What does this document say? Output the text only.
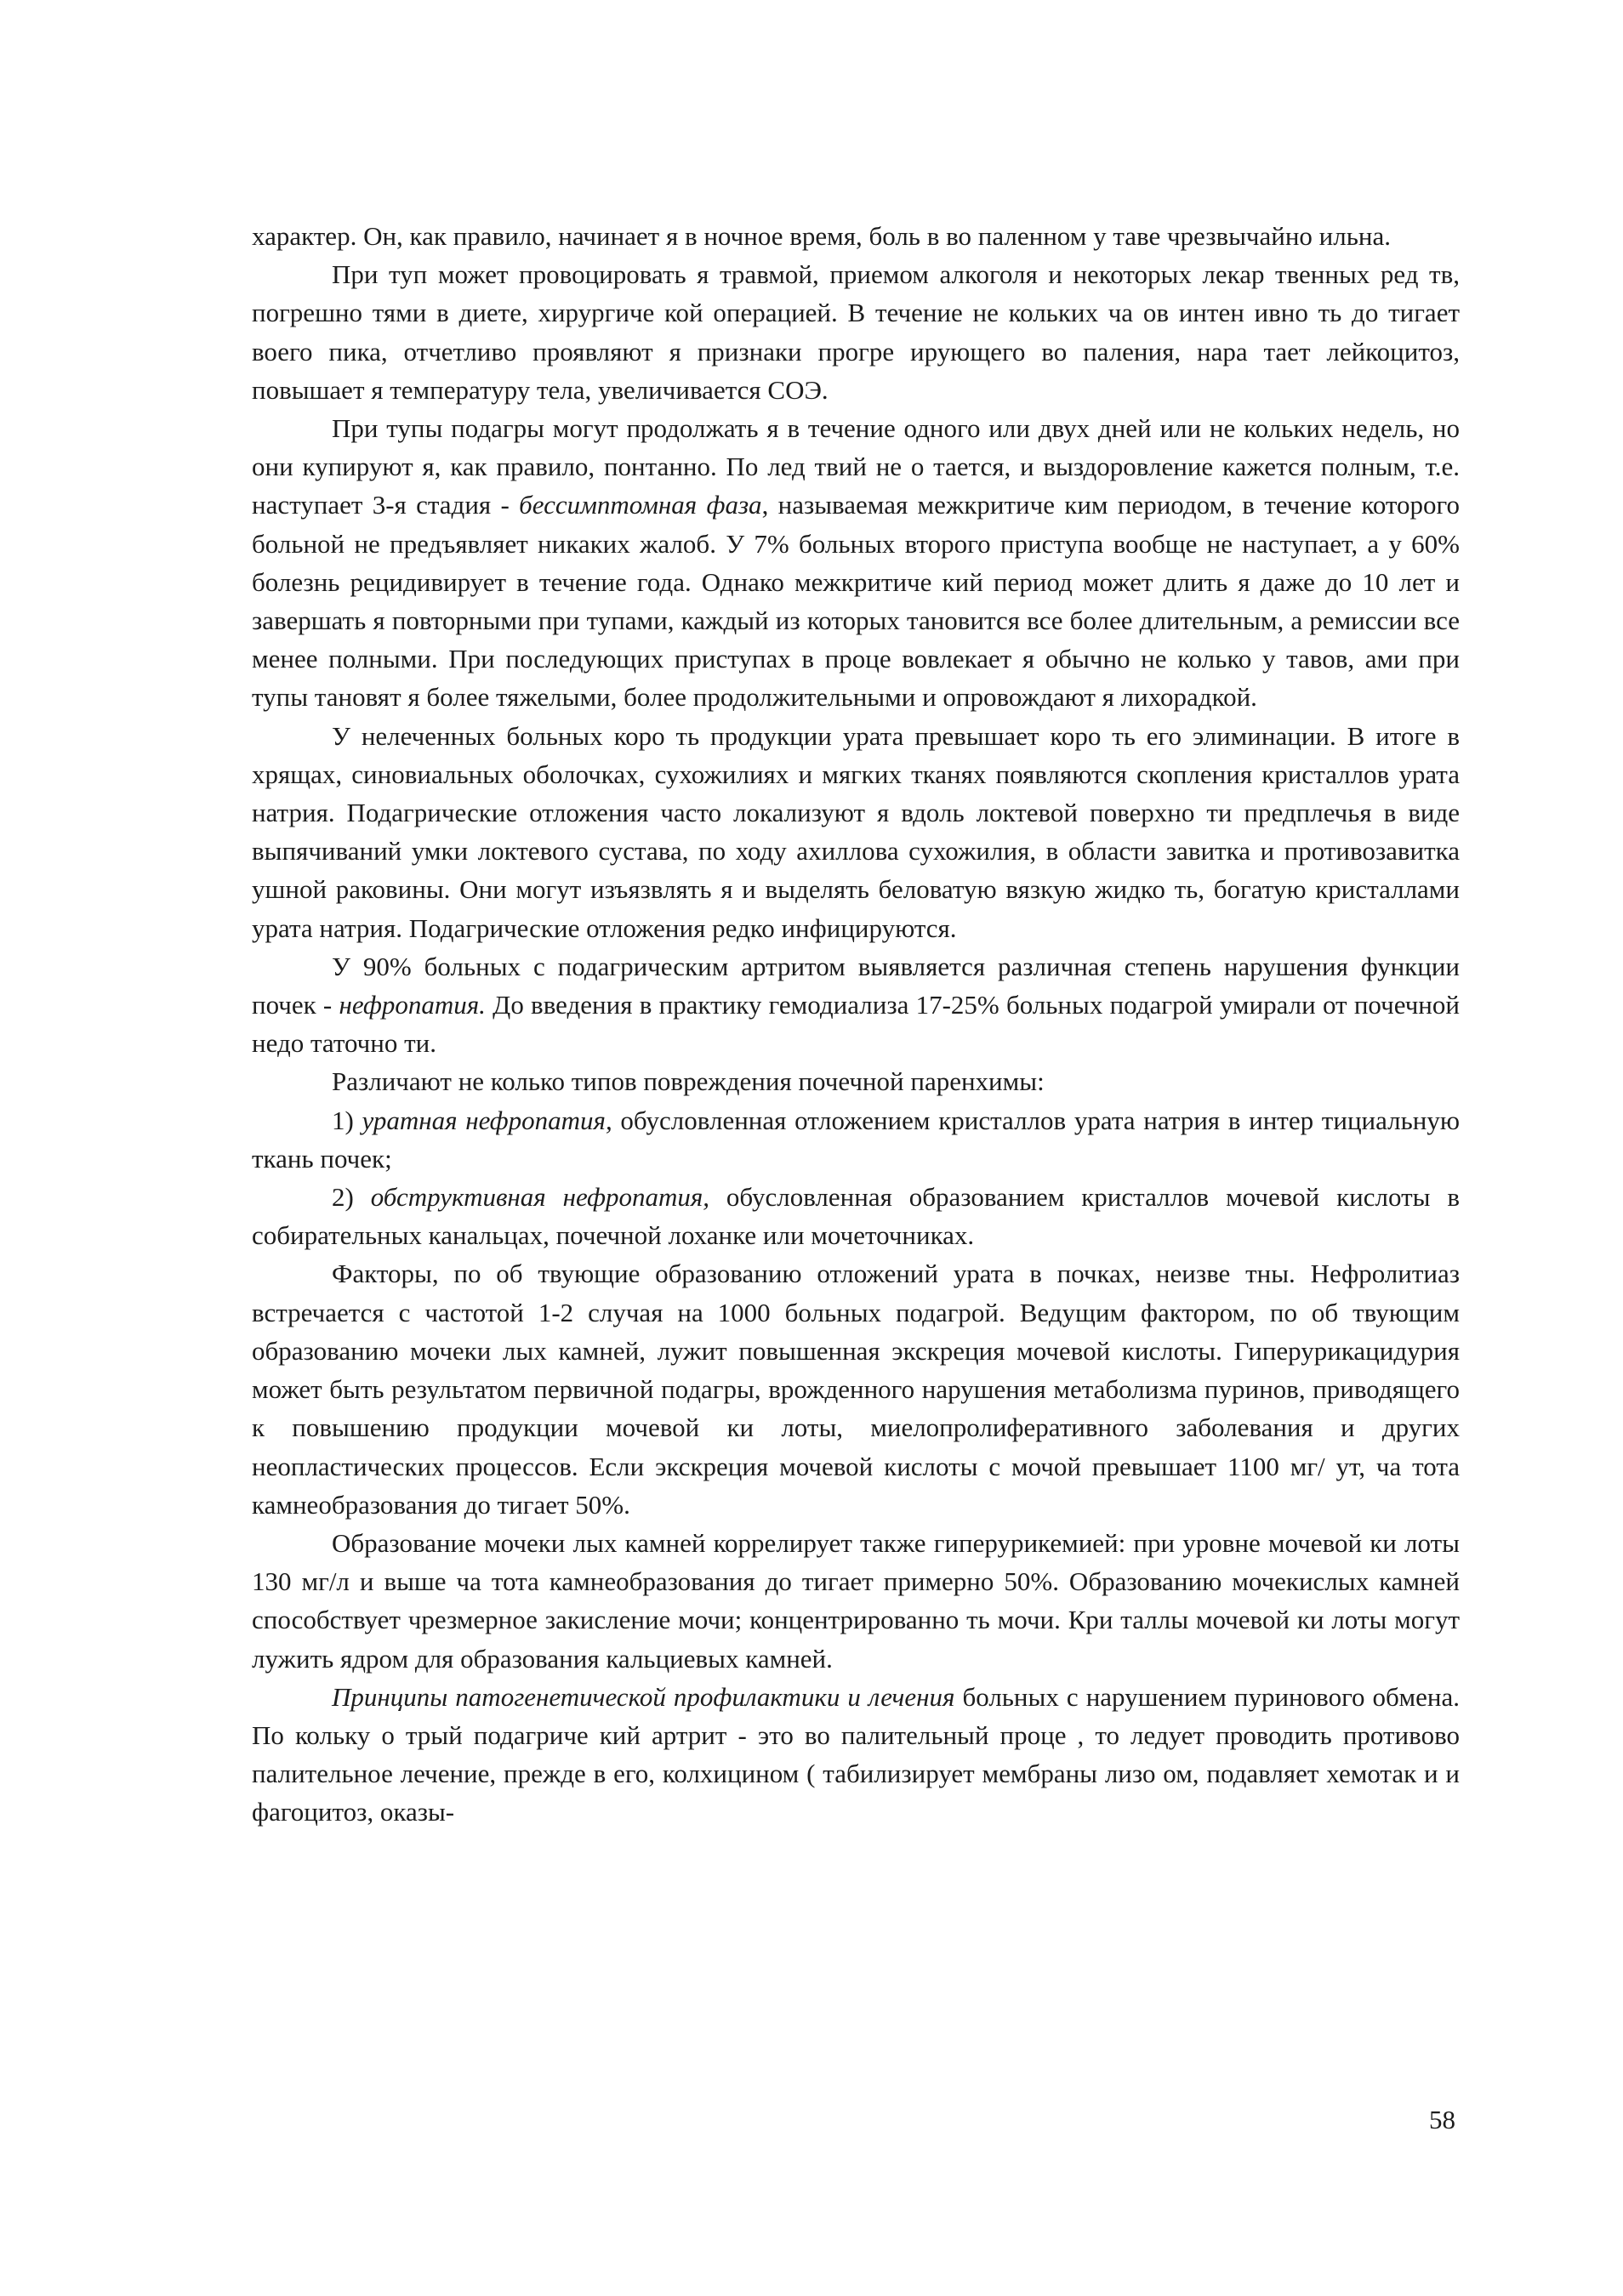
характер. Он, как правило, начинает я в ночное время, боль в во паленном у таве чрезвычайно ильна.

При туп может провоцировать я травмой, приемом алкоголя и некоторых лекар твенных ред тв, погрешно тями в диете, хирургиче кой операцией. В течение не кольких ча ов интен ивно ть до тигает воего пика, отчетливо проявляют я признаки прогре ирующего во паления, нара тает лейкоцитоз, повышает я температуру тела, увеличивается СОЭ.

При тупы подагры могут продолжать я в течение одного или двух дней или не кольких недель, но они купируют я, как правило, понтанно. По лед твий не о тается, и выздоровление кажется полным, т.е. наступает 3-я стадия - бессимптомная фаза, называемая межкритиче ким периодом, в течение которого больной не предъявляет никаких жалоб. У 7% больных второго приступа вообще не наступает, а у 60% болезнь рецидивирует в течение года. Однако межкритиче кий период может длить я даже до 10 лет и завершать я повторными при тупами, каждый из которых тановится все более длительным, а ремиссии все менее полными. При последующих приступах в проце вовлекает я обычно не колько у тавов, ами при тупы тановят я более тяжелыми, более продолжительными и опровождают я лихорадкой.

У нелеченных больных коро ть продукции урата превышает коро ть его элиминации. В итоге в хрящах, синовиальных оболочках, сухожилиях и мягких тканях появляются скопления кристаллов урата натрия. Подагрические отложения часто локализуют я вдоль локтевой поверхно ти предплечья в виде выпячиваний умки локтевого сустава, по ходу ахиллова сухожилия, в области завитка и противозавитка ушной раковины. Они могут изъязвлять я и выделять беловатую вязкую жидко ть, богатую кристаллами урата натрия. Подагрические отложения редко инфицируются.

У 90% больных с подагрическим артритом выявляется различная степень нарушения функции почек - нефропатия. До введения в практику гемодиализа 17-25% больных подагрой умирали от почечной недо таточно ти.

Различают не колько типов повреждения почечной паренхимы:

1) уратная нефропатия, обусловленная отложением кристаллов урата натрия в интер тициальную ткань почек;

2) обструктивная нефропатия, обусловленная образованием кристаллов мочевой кислоты в собирательных канальцах, почечной лоханке или мочеточниках.

Факторы, по об твующие образованию отложений урата в почках, неизве тны. Нефролитиаз встречается с частотой 1-2 случая на 1000 больных подагрой. Ведущим фактором, по об твующим образованию мочеки лых камней, лужит повышенная экскреция мочевой кислоты. Гиперурикацидурия может быть результатом первичной подагры, врожденного нарушения метаболизма пуринов, приводящего к повышению продукции мочевой ки лоты, миелопролиферативного заболевания и других неопластических процессов. Если экскреция мочевой кислоты с мочой превышает 1100 мг/ ут, ча тота камнеобразования до тигает 50%.

Образование мочеки лых камней коррелирует также гиперурикемией: при уровне мочевой ки лоты 130 мг/л и выше ча тота камнеобразования до тигает примерно 50%. Образованию мочекислых камней способствует чрезмерное закисление мочи; концентрированно ть мочи. Кри таллы мочевой ки лоты могут лужить ядром для образования кальциевых камней.

Принципы патогенетической профилактики и лечения больных с нарушением пуринового обмена. По кольку о трый подагриче кий артрит - это во палительный проце , то ледует проводить противово палительное лечение, прежде в его, колхицином ( табилизирует мембраны лизо ом, подавляет хемотак и и фагоцитоз, оказы-

58
